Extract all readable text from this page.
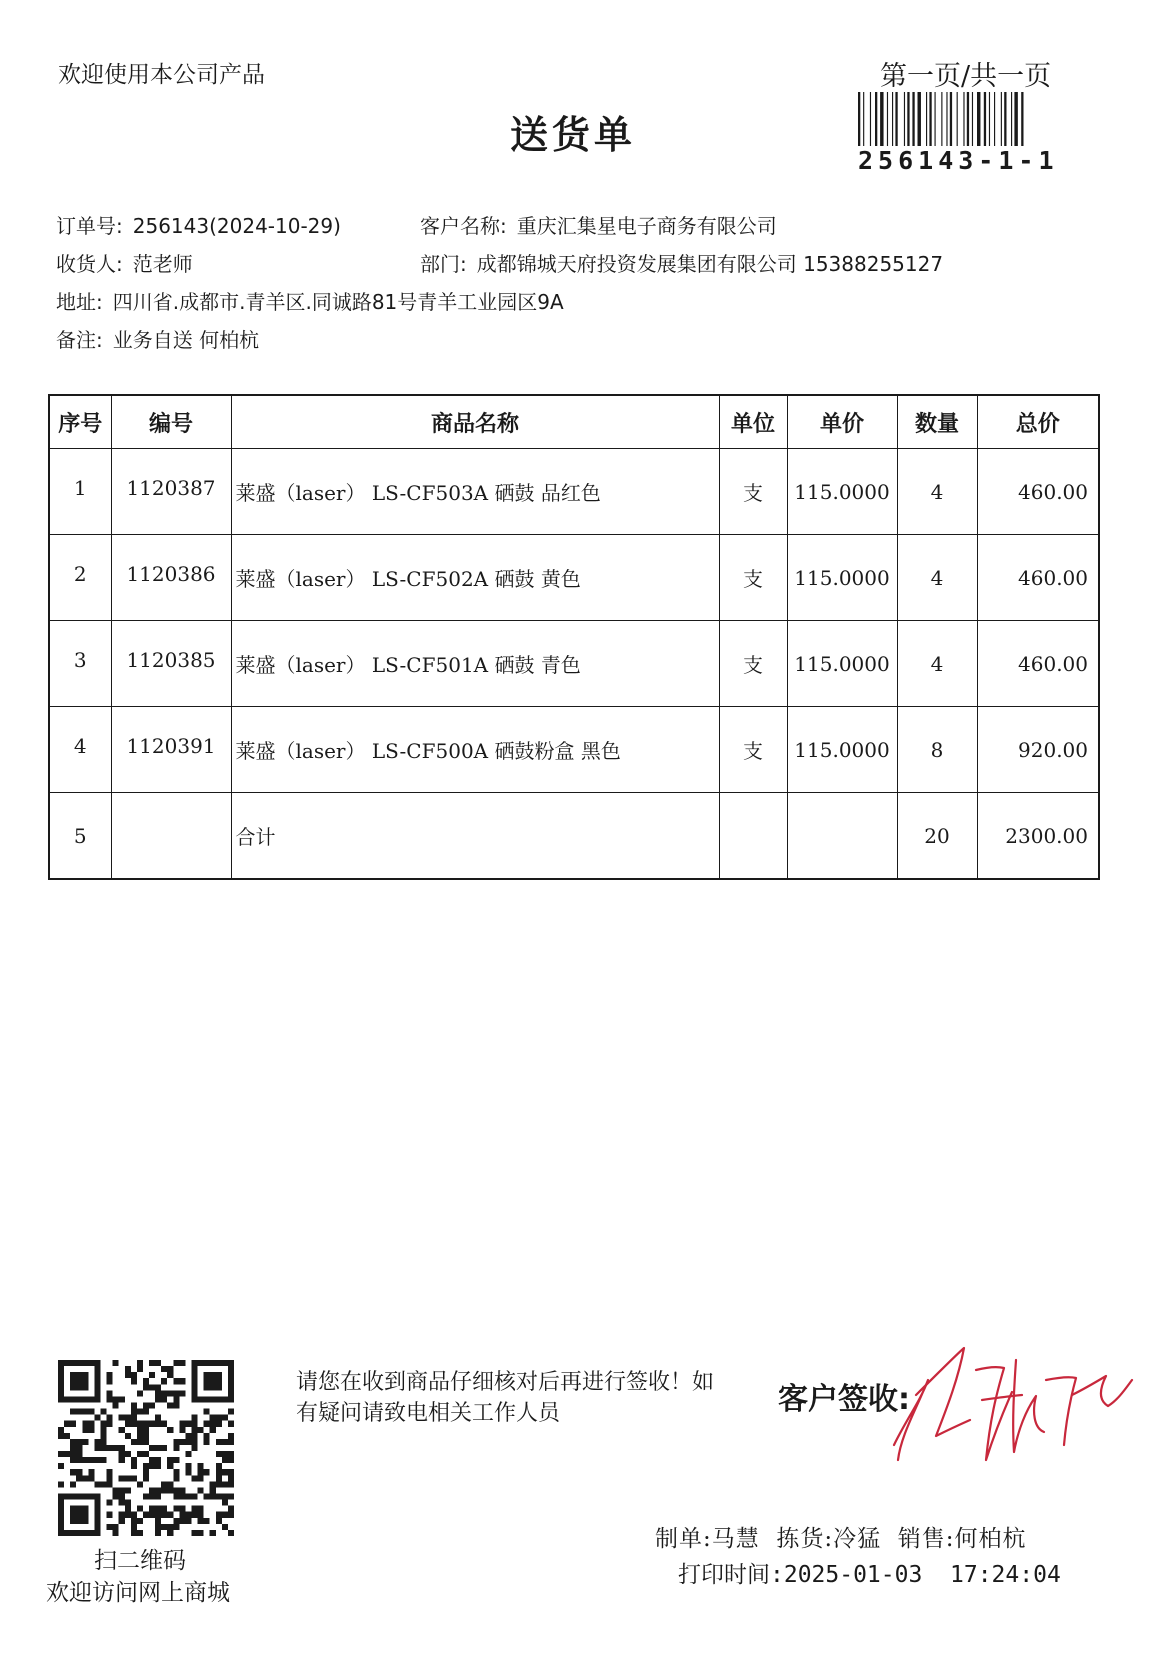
欢迎使用本公司产品	第一页/共一页
256143-1-1
送货单
订单号: 256143(2024-10-29)	客户名称: 重庆汇集星电子商务有限公司
收货人: 范老师	部门: 成都锦城天府投资发展集团有限公司 15388255127
地址: 四川省.成都市.青羊区.同诚路81号青羊工业园区9A
备注: 业务自送 何柏杭
序号	编号	商品名称	单位	单价	数量	总价
1	1120387	莱盛（laser） LS-CF503A 硒鼓 品红色	支	115.0000	4	460.00
2	1120386	莱盛（laser） LS-CF502A 硒鼓 黄色	支	115.0000	4	460.00
3	1120385	莱盛（laser） LS-CF501A 硒鼓 青色	支	115.0000	4	460.00
4	1120391	莱盛（laser） LS-CF500A 硒鼓粉盒 黑色	支	115.0000	8	920.00
5		合计			20	2300.00
扫二维码
欢迎访问网上商城
请您在收到商品仔细核对后再进行签收！如有疑问请致电相关工作人员	客户签收:
制单:马慧  拣货:冷猛  销售:何柏杭
打印时间:2025-01-03  17:24:04
